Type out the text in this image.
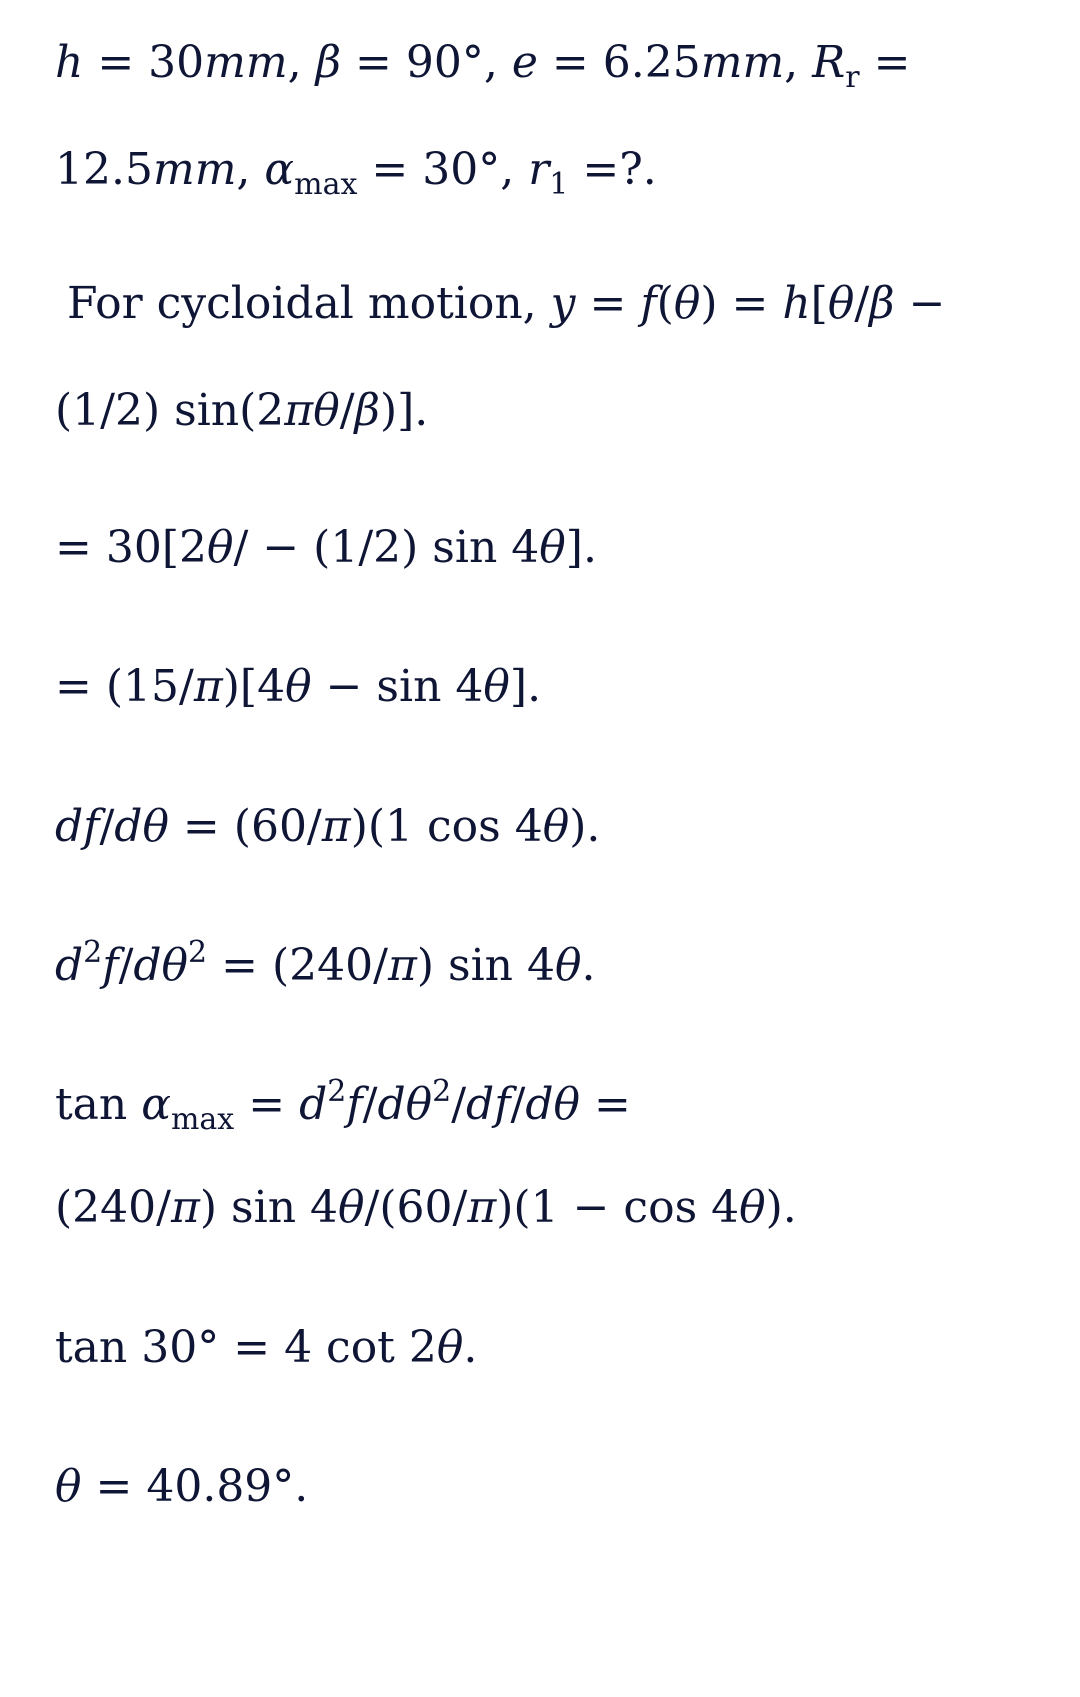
h = 30mm, β = 90°, e = 6.25mm, $R_r$ =
12.5mm, $\alpha_{max} = 30^\circ$, $r_1$ =?.
For cycloidal motion, y = f(θ) = h[θ/β −
(1/2) sin(2πθ/β)].
= 30[2θ/ − (1/2) sin 4θ].
= (15/π)[4θ − sin 4θ].
df/dθ = (60/π)(1 cos 4θ).
$d^2f/d\theta^2 = (240/\pi)$ sin 4θ.
$\tan \alpha_{max} = d^2f/d\theta^2/df/d\theta$ =
(240/π) sin 4θ/(60/π)(1 − cos 4θ).
tan 30° = 4 cot 2θ.
θ = 40.89°.
